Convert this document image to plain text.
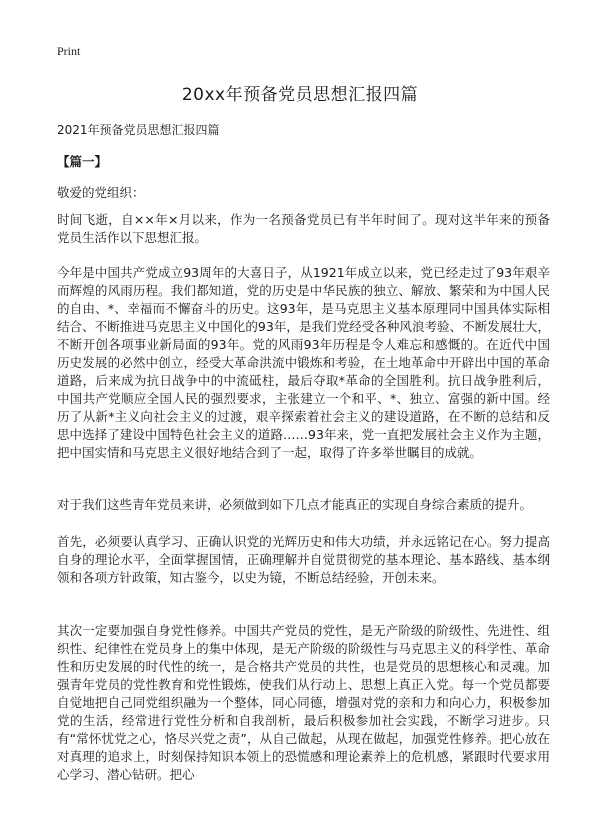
Print
20xx年预备党员思想汇报四篇

2021年预备党员思想汇报四篇

【篇一】

敬爱的党组织：

时间飞逝，自××年×月以来，作为一名预备党员已有半年时间了。现对这半年来的预备党员生活作以下思想汇报。

今年是中国共产党成立93周年的大喜日子，从1921年成立以来，党已经走过了93年艰辛而辉煌的风雨历程。我们都知道，党的历史是中华民族的独立、解放、繁荣和为中国人民的自由、*、幸福而不懈奋斗的历史。这93年，是马克思主义基本原理同中国具体实际相结合、不断推进马克思主义中国化的93年，是我们党经受各种风浪考验、不断发展壮大，不断开创各项事业新局面的93年。党的风雨93年历程是令人难忘和感慨的。在近代中国历史发展的必然中创立，经受大革命洪流中锻炼和考验，在土地革命中开辟出中国的革命道路，后来成为抗日战争中的中流砥柱，最后夺取*革命的全国胜利。抗日战争胜利后，中国共产党顺应全国人民的强烈要求，主张建立一个和平、*、独立、富强的新中国。经历了从新*主义向社会主义的过渡，艰辛探索着社会主义的建设道路，在不断的总结和反思中选择了建设中国特色社会主义的道路……93年来，党一直把发展社会主义作为主题，把中国实情和马克思主义很好地结合到了一起，取得了许多举世瞩目的成就。

对于我们这些青年党员来讲，必须做到如下几点才能真正的实现自身综合素质的提升。

首先，必须要认真学习、正确认识党的光辉历史和伟大功绩，并永远铭记在心。努力提高自身的理论水平，全面掌握国情，正确理解并自觉贯彻党的基本理论、基本路线、基本纲领和各项方针政策，知古鉴今，以史为镜，不断总结经验，开创未来。

其次一定要加强自身党性修养。中国共产党员的党性，是无产阶级的阶级性、先进性、组织性、纪律性在党员身上的集中体现，是无产阶级的阶级性与马克思主义的科学性、革命性和历史发展的时代性的统一，是合格共产党员的共性，也是党员的思想核心和灵魂。加强青年党员的党性教育和党性锻炼，使我们从行动上、思想上真正入党。每一个党员都要自觉地把自己同党组织融为一个整体，同心同德，增强对党的亲和力和向心力，积极参加党的生活，经常进行党性分析和自我剖析，最后积极参加社会实践，不断学习进步。只有“常怀忧党之心，恪尽兴党之责”，从自己做起，从现在做起，加强党性修养。把心放在对真理的追求上，时刻保持知识本领上的恐慌感和理论素养上的危机感，紧跟时代要求用心学习、潜心钻研。把心
